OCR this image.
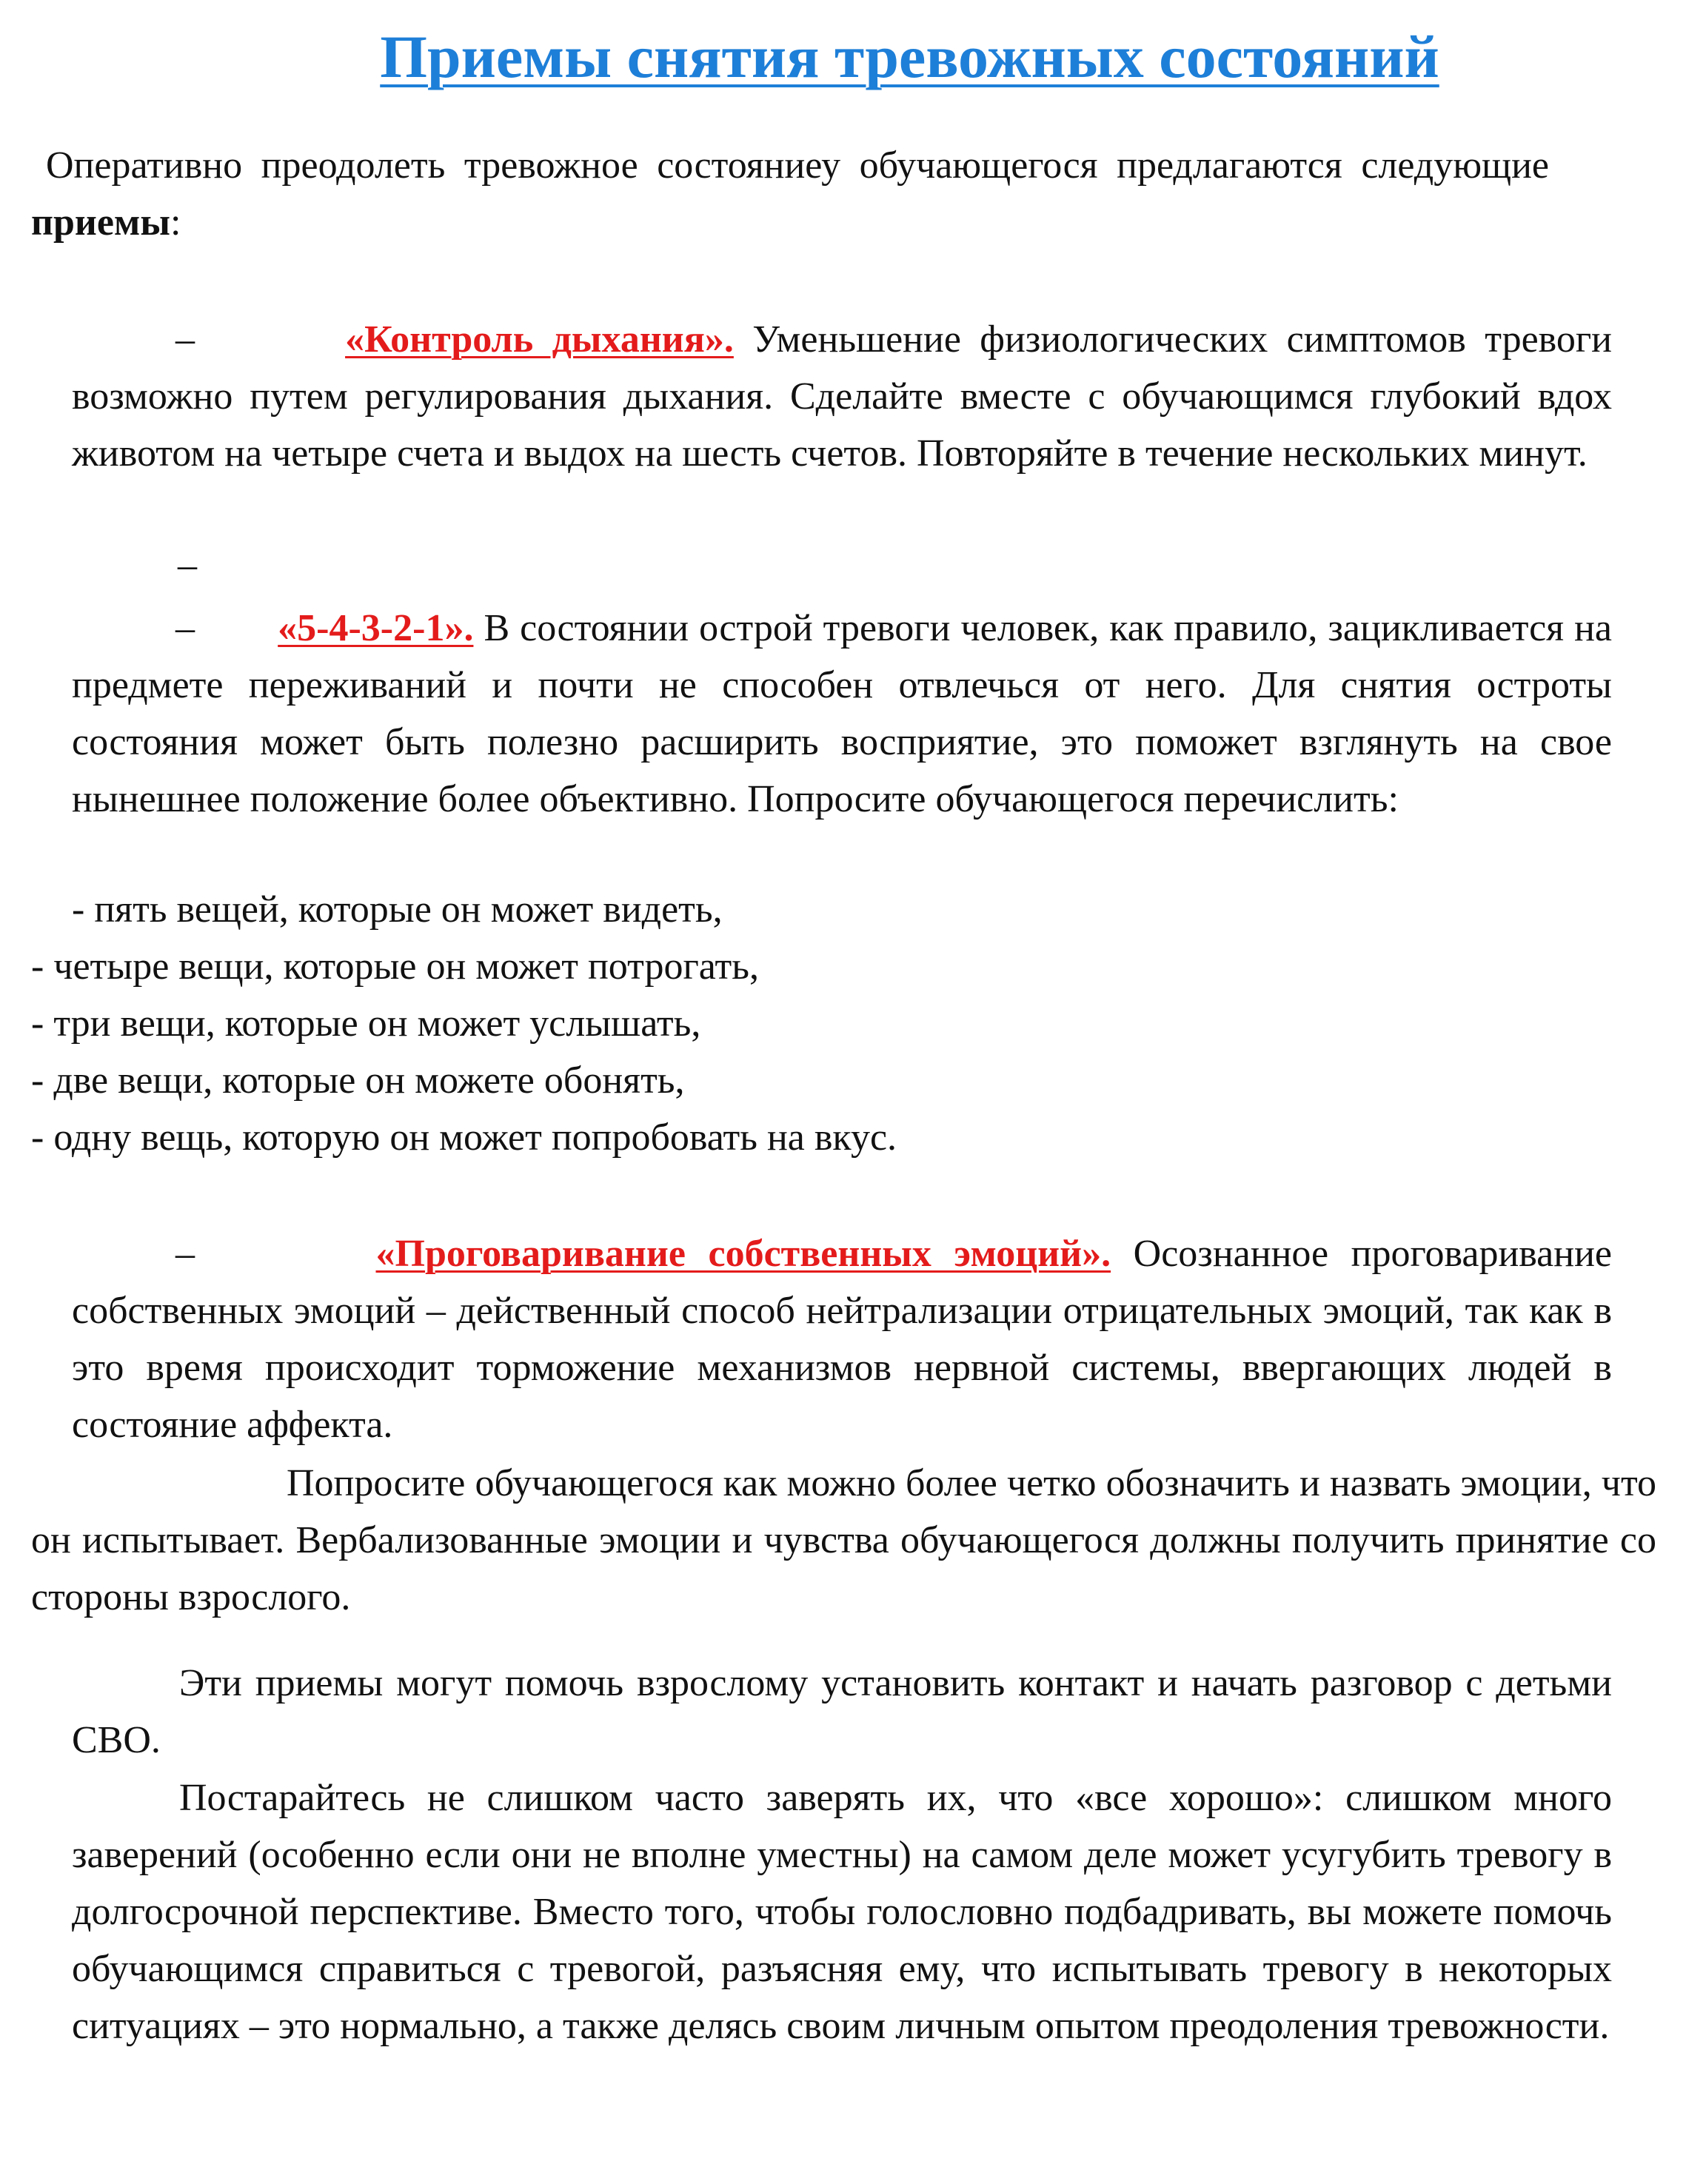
Приемы снятия тревожных состояний
Оперативно преодолеть тревожное состояниеу обучающегося предлагаются следующие приемы:
–	«Контроль дыхания». Уменьшение физиологических симптомов тревоги возможно путем регулирования дыхания. Сделайте вместе с обучающимся глубокий вдох животом на четыре счета и выдох на шесть счетов. Повторяйте в течение нескольких минут.
–
– «5-4-3-2-1». В состоянии острой тревоги человек, как правило, зацикливается на предмете переживаний и почти не способен отвлечься от него. Для снятия остроты состояния может быть полезно расширить восприятие, это поможет взглянуть на свое нынешнее положение более объективно. Попросите обучающегося перечислить:
- пять вещей, которые он может видеть,
- четыре вещи, которые он может потрогать,
- три вещи, которые он может услышать,
- две вещи, которые он можете обонять,
- одну вещь, которую он может попробовать на вкус.
–	«Проговаривание собственных эмоций». Осознанное проговаривание собственных эмоций – действенный способ нейтрализации отрицательных эмоций, так как в это время происходит торможение механизмов нервной системы, ввергающих людей в состояние аффекта.
Попросите обучающегося как можно более четко обозначить и назвать эмоции, что он испытывает. Вербализованные эмоции и чувства обучающегося должны получить принятие со стороны взрослого.
Эти приемы могут помочь взрослому установить контакт и начать разговор с детьми СВО.
Постарайтесь не слишком часто заверять их, что «все хорошо»: слишком много заверений (особенно если они не вполне уместны) на самом деле может усугубить тревогу в долгосрочной перспективе. Вместо того, чтобы голословно подбадривать, вы можете помочь обучающимся справиться с тревогой, разъясняя ему, что испытывать тревогу в некоторых ситуациях – это нормально, а также делясь своим личным опытом преодоления тревожности.
